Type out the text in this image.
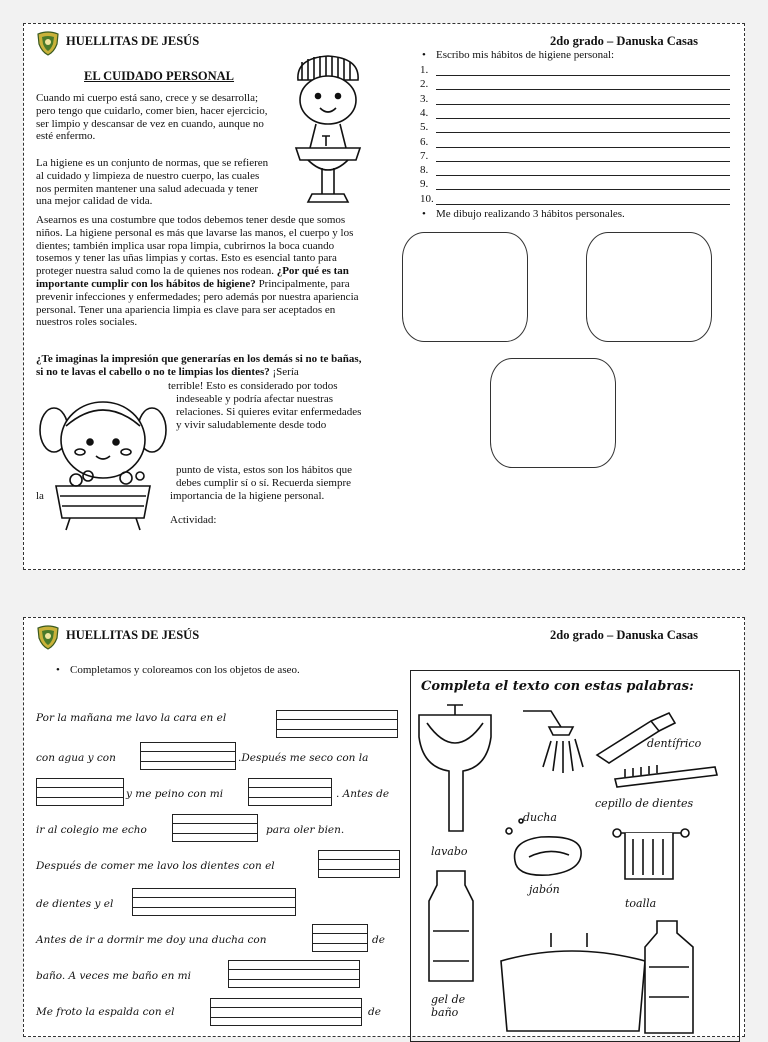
HUELLITAS DE JESÚS	2do grado – Danuska Casas
EL CUIDADO PERSONAL
Cuando mi cuerpo está sano, crece y se desarrolla; pero tengo que cuidarlo, comer bien, hacer ejercicio, ser limpio y descansar de vez en cuando, aunque no esté enfermo.
La higiene es un conjunto de normas, que se refieren al cuidado y limpieza de nuestro cuerpo, las cuales nos permiten mantener una salud adecuada y tener una mejor calidad de vida.
Asearnos es una costumbre que todos debemos tener desde que somos niños. La higiene personal es más que lavarse las manos, el cuerpo y los dientes; también implica usar ropa limpia, cubrirnos la boca cuando tosemos y tener las uñas limpias y cortas. Esto es esencial tanto para proteger nuestra salud como la de quienes nos rodean. ¿Por qué es tan importante cumplir con los hábitos de higiene? Principalmente, para prevenir infecciones y enfermedades; pero además por nuestra apariencia personal. Tener una apariencia limpia es clave para ser aceptados en nuestros roles sociales.
¿Te imaginas la impresión que generarías en los demás si no te bañas, si no te lavas el cabello o no te limpias los dientes? ¡Sería
terrible! Esto es considerado por todos
indeseable y podría afectar nuestras relaciones. Si quieres evitar enfermedades y vivir saludablemente desde todo
punto de vista, estos son los hábitos que debes cumplir sí o sí. Recuerda siempre
la	importancia de la higiene personal.
Actividad:
• Escribo mis hábitos de higiene personal:
1.
2.
3.
4.
5.
6.
7.
8.
9.
10.
• Me dibujo realizando 3 hábitos personales.
HUELLITAS DE JESÚS	2do grado – Danuska Casas
• Completamos y coloreamos con los objetos de aseo.
Por la mañana me lavo la cara en el
con agua y con	.Después me seco con la
y me peino con mi	. Antes de
ir al colegio me echo	para oler bien.
Después de comer me lavo los dientes con el
de dientes y el
Antes de ir a dormir me doy una ducha con	de
baño. A veces me baño en mi
Me froto la espalda con el	de
Completa el texto con estas palabras:
dentífrico
cepillo de dientes
ducha
lavabo
jabón
toalla
gel de baño
